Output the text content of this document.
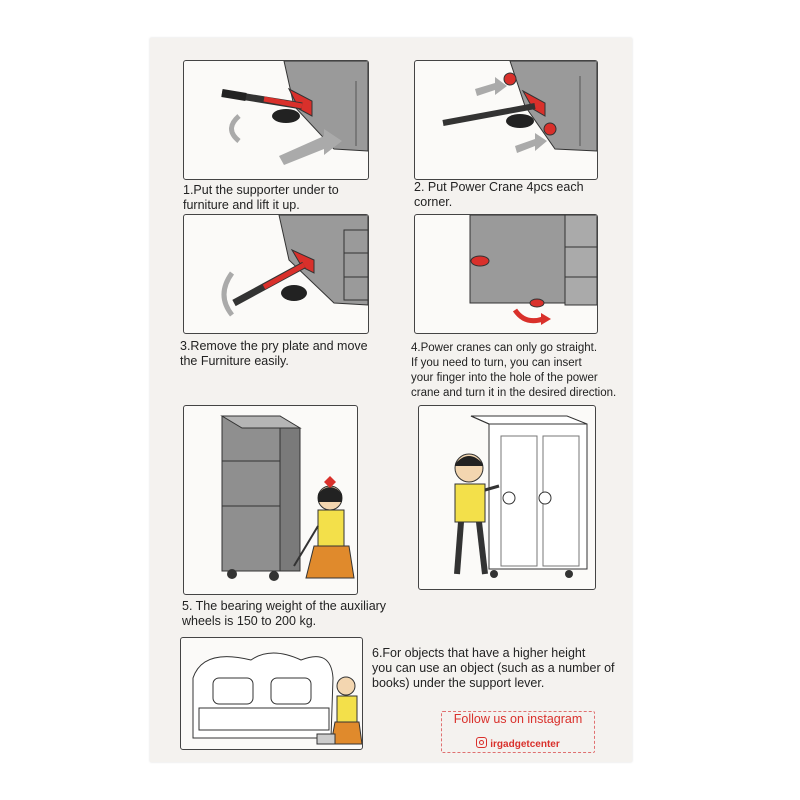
1.Put the supporter under to
furniture and lift it up.
2. Put Power Crane 4pcs each
corner.
3.Remove the pry plate and move
the Furniture easily.
4.Power cranes can only go straight.
If you need to turn, you can insert
your finger into the hole of the power
crane and turn it in the desired direction.
5. The bearing weight of the auxiliary
wheels is 150 to 200 kg.
6.For objects that have a higher height
you can use an object (such as a number of
books) under the support lever.
Follow us on instagram
irgadgetcenter
